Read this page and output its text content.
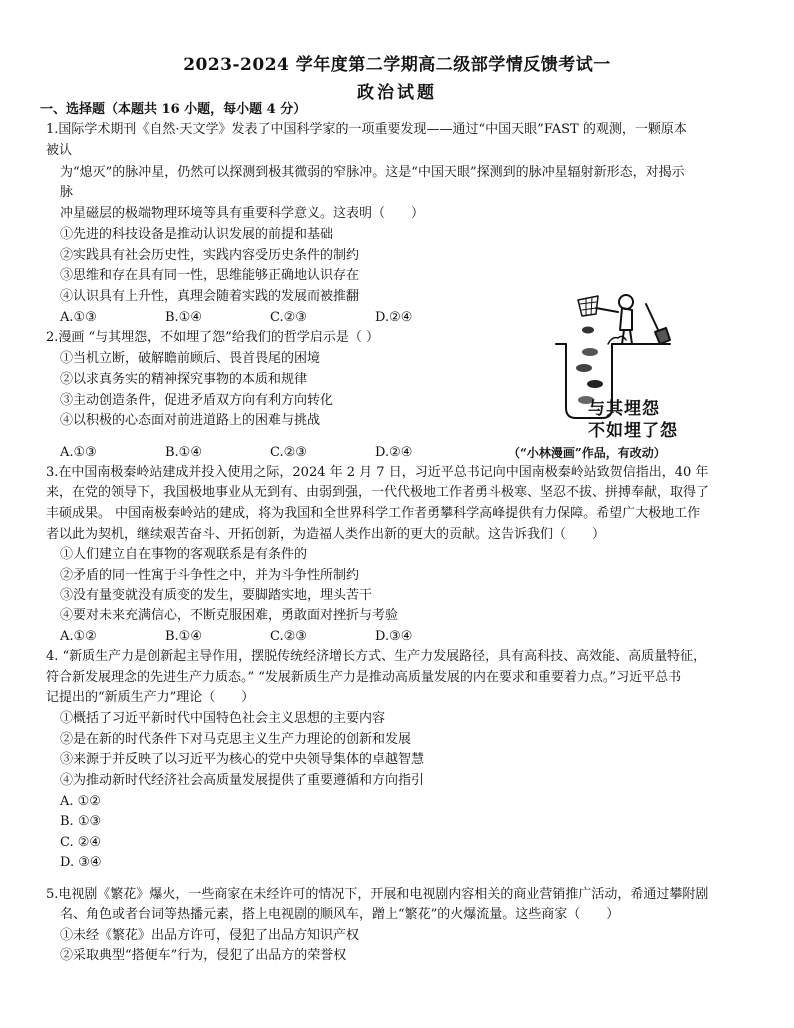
2023-2024 学年度第二学期高二级部学情反馈考试一
政治试题
一、选择题（本题共 16 小题，每小题 4 分）
1.国际学术期刊《自然·天文学》发表了中国科学家的一项重要发现——通过“中国天眼”FAST 的观测，一颗原本
被认
为“熄灭”的脉冲星，仍然可以探测到极其微弱的窄脉冲。这是“中国天眼”探测到的脉冲星辐射新形态，对揭示
脉
冲星磁层的极端物理环境等具有重要科学意义。这表明（　　）
①先进的科技设备是推动认识发展的前提和基础
②实践具有社会历史性，实践内容受历史条件的制约
③思维和存在具有同一性，思维能够正确地认识存在
④认识具有上升性，真理会随着实践的发展而被推翻
A.①③	B.①④	C.②③	D.②④
2.漫画 “与其埋怨，不如埋了怨”给我们的哲学启示是（ ）
①当机立断，破解瞻前顾后、畏首畏尾的困境
②以求真务实的精神探究事物的本质和规律
③主动创造条件，促进矛盾双方向有利方向转化
④以积极的心态面对前进道路上的困难与挑战
A.①③	B.①④	C.②③	D.②④
与其埋怨
不如埋了怨
（“小林漫画”作品，有改动）
3.在中国南极秦岭站建成并投入使用之际，2024 年 2 月 7 日，习近平总书记向中国南极秦岭站致贺信指出，40 年
来，在党的领导下，我国极地事业从无到有、由弱到强，一代代极地工作者勇斗极寒、坚忍不拔、拼搏奉献，取得了
丰硕成果。 中国南极秦岭站的建成，将为我国和全世界科学工作者勇攀科学高峰提供有力保障。希望广大极地工作
者以此为契机，继续艰苦奋斗、开拓创新，为造福人类作出新的更大的贡献。这告诉我们（　　）
①人们建立自在事物的客观联系是有条件的
②矛盾的同一性寓于斗争性之中，并为斗争性所制约
③没有量变就没有质变的发生，要脚踏实地，埋头苦干
④要对未来充满信心，不断克服困难，勇敢面对挫折与考验
A.①②	B.①④	C.②③	D.③④
4. “新质生产力是创新起主导作用，摆脱传统经济增长方式、生产力发展路径，具有高科技、高效能、高质量特征，
符合新发展理念的先进生产力质态。” “发展新质生产力是推动高质量发展的内在要求和重要着力点。”习近平总书
记提出的“新质生产力”理论（　　）
①概括了习近平新时代中国特色社会主义思想的主要内容
②是在新的时代条件下对马克思主义生产力理论的创新和发展
③来源于并反映了以习近平为核心的党中央领导集体的卓越智慧
④为推动新时代经济社会高质量发展提供了重要遵循和方向指引
A. ①②
B. ①③
C. ②④
D. ③④
5.电视剧《繁花》爆火，一些商家在未经许可的情况下，开展和电视剧内容相关的商业营销推广活动，希通过攀附剧
名、角色或者台词等热播元素，搭上电视剧的顺风车，蹭上“繁花”的火爆流量。这些商家（　　）
①未经《繁花》出品方许可，侵犯了出品方知识产权
②采取典型“搭便车”行为，侵犯了出品方的荣誉权
